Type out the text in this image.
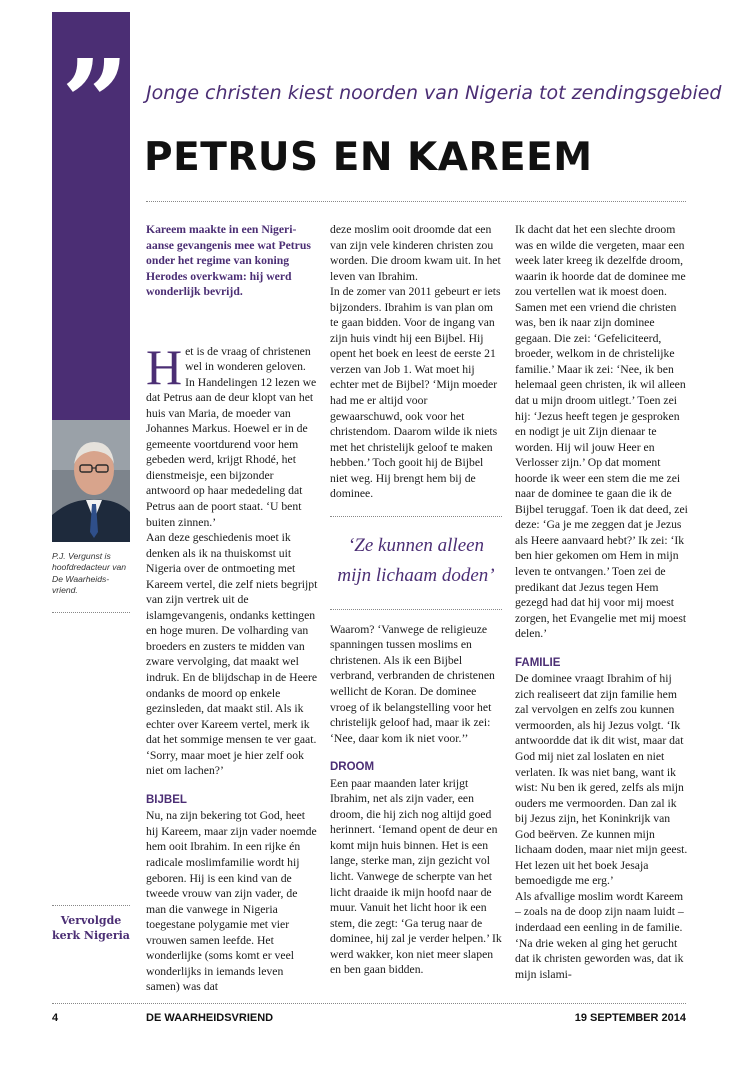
”
P.J. Vergunst is hoofdredacteur van De Waarheids-vriend.
Vervolgde kerk Nigeria
Jonge christen kiest noorden van Nigeria tot zendingsgebied
PETRUS EN KAREEM

Kareem maakte in een Nigeri-aanse gevangenis mee wat Petrus onder het regime van koning Herodes overkwam: hij werd wonderlijk bevrijd.

Het is de vraag of christenen wel in wonderen geloven. In Handelingen 12 lezen we dat Petrus aan de deur klopt van het huis van Maria, de moeder van Johannes Markus. Hoewel er in de gemeente voortdurend voor hem gebeden werd, krijgt Rhodé, het dienstmeisje, een bijzonder antwoord op haar mededeling dat Petrus aan de poort staat. ‘U bent buiten zinnen.’

Aan deze geschiedenis moet ik denken als ik na thuiskomst uit Nigeria over de ontmoeting met Kareem vertel, die zelf niets begrijpt van zijn vertrek uit de islamgevangenis, ondanks kettingen en hoge muren. De volharding van broeders en zusters te midden van zware vervolging, dat maakt wel indruk. En de blijdschap in de Heere ondanks de moord op enkele gezinsleden, dat maakt stil. Als ik echter over Kareem vertel, merk ik dat het sommige mensen te ver gaat. ‘Sorry, maar moet je hier zelf ook niet om lachen?’

BIJBEL

Nu, na zijn bekering tot God, heet hij Kareem, maar zijn vader noemde hem ooit Ibrahim. In een rijke én radicale moslimfamilie wordt hij geboren. Hij is een kind van de tweede vrouw van zijn vader, de man die vanwege in Nigeria toegestane polygamie met vier vrouwen samen leefde. Het wonderlijke (soms komt er veel wonderlijks in iemands leven samen) was dat

deze moslim ooit droomde dat een van zijn vele kinderen christen zou worden. Die droom kwam uit. In het leven van Ibrahim.

In de zomer van 2011 gebeurt er iets bijzonders. Ibrahim is van plan om te gaan bidden. Voor de ingang van zijn huis vindt hij een Bijbel. Hij opent het boek en leest de eerste 21 verzen van Job 1. Wat moet hij echter met de Bijbel? ‘Mijn moeder had me er altijd voor gewaarschuwd, ook voor het christendom. Daarom wilde ik niets met het christelijk geloof te maken hebben.’ Toch gooit hij de Bijbel niet weg. Hij brengt hem bij de dominee.

‘Ze kunnen alleen mijn lichaam doden’

Waarom? ‘Vanwege de religieuze spanningen tussen moslims en christenen. Als ik een Bijbel verbrand, verbranden de christenen wellicht de Koran. De dominee vroeg of ik belangstelling voor het christelijk geloof had, maar ik zei: ‘Nee, daar kom ik niet voor.’’

DROOM

Een paar maanden later krijgt Ibrahim, net als zijn vader, een droom, die hij zich nog altijd goed herinnert. ‘Iemand opent de deur en komt mijn huis binnen. Het is een lange, sterke man, zijn gezicht vol licht. Vanwege de scherpte van het licht draaide ik mijn hoofd naar de muur. Vanuit het licht hoor ik een stem, die zegt: ‘Ga terug naar de dominee, hij zal je verder helpen.’ Ik werd wakker, kon niet meer slapen en ben gaan bidden.

Ik dacht dat het een slechte droom was en wilde die vergeten, maar een week later kreeg ik dezelfde droom, waarin ik hoorde dat de dominee me zou vertellen wat ik moest doen. Samen met een vriend die christen was, ben ik naar zijn dominee gegaan. Die zei: ‘Gefeliciteerd, broeder, welkom in de christelijke familie.’ Maar ik zei: ‘Nee, ik ben helemaal geen christen, ik wil alleen dat u mijn droom uitlegt.’ Toen zei hij: ‘Jezus heeft tegen je gesproken en nodigt je uit Zijn dienaar te worden. Hij wil jouw Heer en Verlosser zijn.’ Op dat moment hoorde ik weer een stem die me zei naar de dominee te gaan die ik de Bijbel teruggaf. Toen ik dat deed, zei deze: ‘Ga je me zeggen dat je Jezus als Heere aanvaard hebt?’ Ik zei: ‘Ik ben hier gekomen om Hem in mijn leven te ontvangen.’ Toen zei de predikant dat Jezus tegen Hem gezegd had dat hij voor mij moest zorgen, het Evangelie met mij moest delen.’

FAMILIE

De dominee vraagt Ibrahim of hij zich realiseert dat zijn familie hem zal vervolgen en zelfs zou kunnen vermoorden, als hij Jezus volgt. ‘Ik antwoordde dat ik dit wist, maar dat God mij niet zal loslaten en niet verlaten. Ik was niet bang, want ik wist: Nu ben ik gered, zelfs als mijn ouders me vermoorden. Dan zal ik bij Jezus zijn, het Koninkrijk van God beërven. Ze kunnen mijn lichaam doden, maar niet mijn geest. Het lezen uit het boek Jesaja bemoedigde me erg.’

Als afvallige moslim wordt Kareem – zoals na de doop zijn naam luidt – inderdaad een eenling in de familie. ‘Na drie weken al ging het gerucht dat ik christen geworden was, dat ik mijn islami-

4	DE WAARHEIDSVRIEND	19 SEPTEMBER 2014
